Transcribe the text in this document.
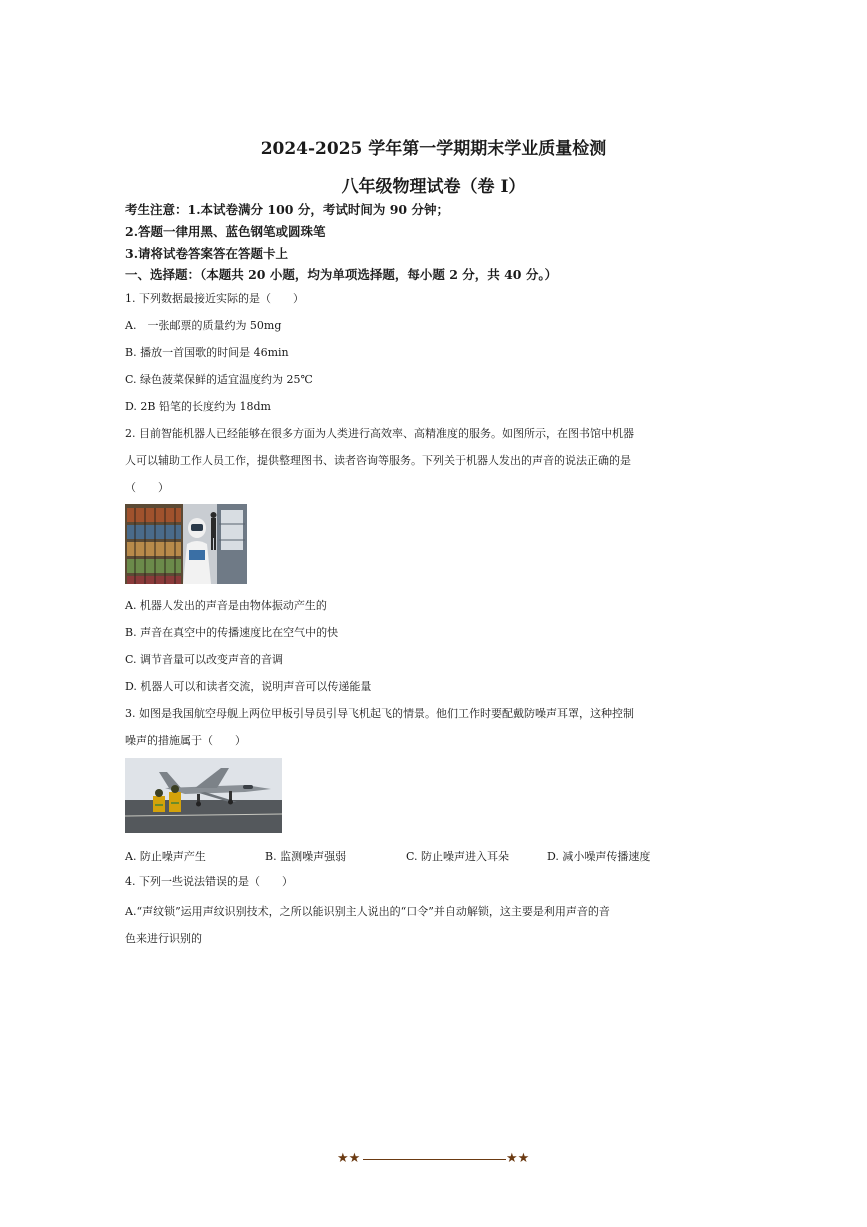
2024-2025 学年第一学期期末学业质量检测
八年级物理试卷（卷 I）
考生注意：1.本试卷满分 100 分，考试时间为 90 分钟；
2.答题一律用黑、蓝色钢笔或圆珠笔
3.请将试卷答案答在答题卡上
一、选择题：（本题共 20 小题，均为单项选择题，每小题 2 分，共 40 分。）
1. 下列数据最接近实际的是（　　）
A.　一张邮票的质量约为 50mg
B. 播放一首国歌的时间是 46min
C. 绿色菠菜保鲜的适宜温度约为 25℃
D. 2B 铅笔的长度约为 18dm
2. 目前智能机器人已经能够在很多方面为人类进行高效率、高精准度的服务。如图所示，在图书馆中机器
人可以辅助工作人员工作，提供整理图书、读者咨询等服务。下列关于机器人发出的声音的说法正确的是
（　　）
A. 机器人发出的声音是由物体振动产生的
B. 声音在真空中的传播速度比在空气中的快
C. 调节音量可以改变声音的音调
D. 机器人可以和读者交流，说明声音可以传递能量
3. 如图是我国航空母舰上两位甲板引导员引导飞机起飞的情景。他们工作时要配戴防噪声耳罩，这种控制
噪声的措施属于（　　）
A. 防止噪声产生	B. 监测噪声强弱	C. 防止噪声进入耳朵	D. 减小噪声传播速度
4. 下列一些说法错误的是（　　）
A.“声纹锁”运用声纹识别技术，之所以能识别主人说出的“口令”并自动解锁，这主要是利用声音的音
色来进行识别的
★★	★★
